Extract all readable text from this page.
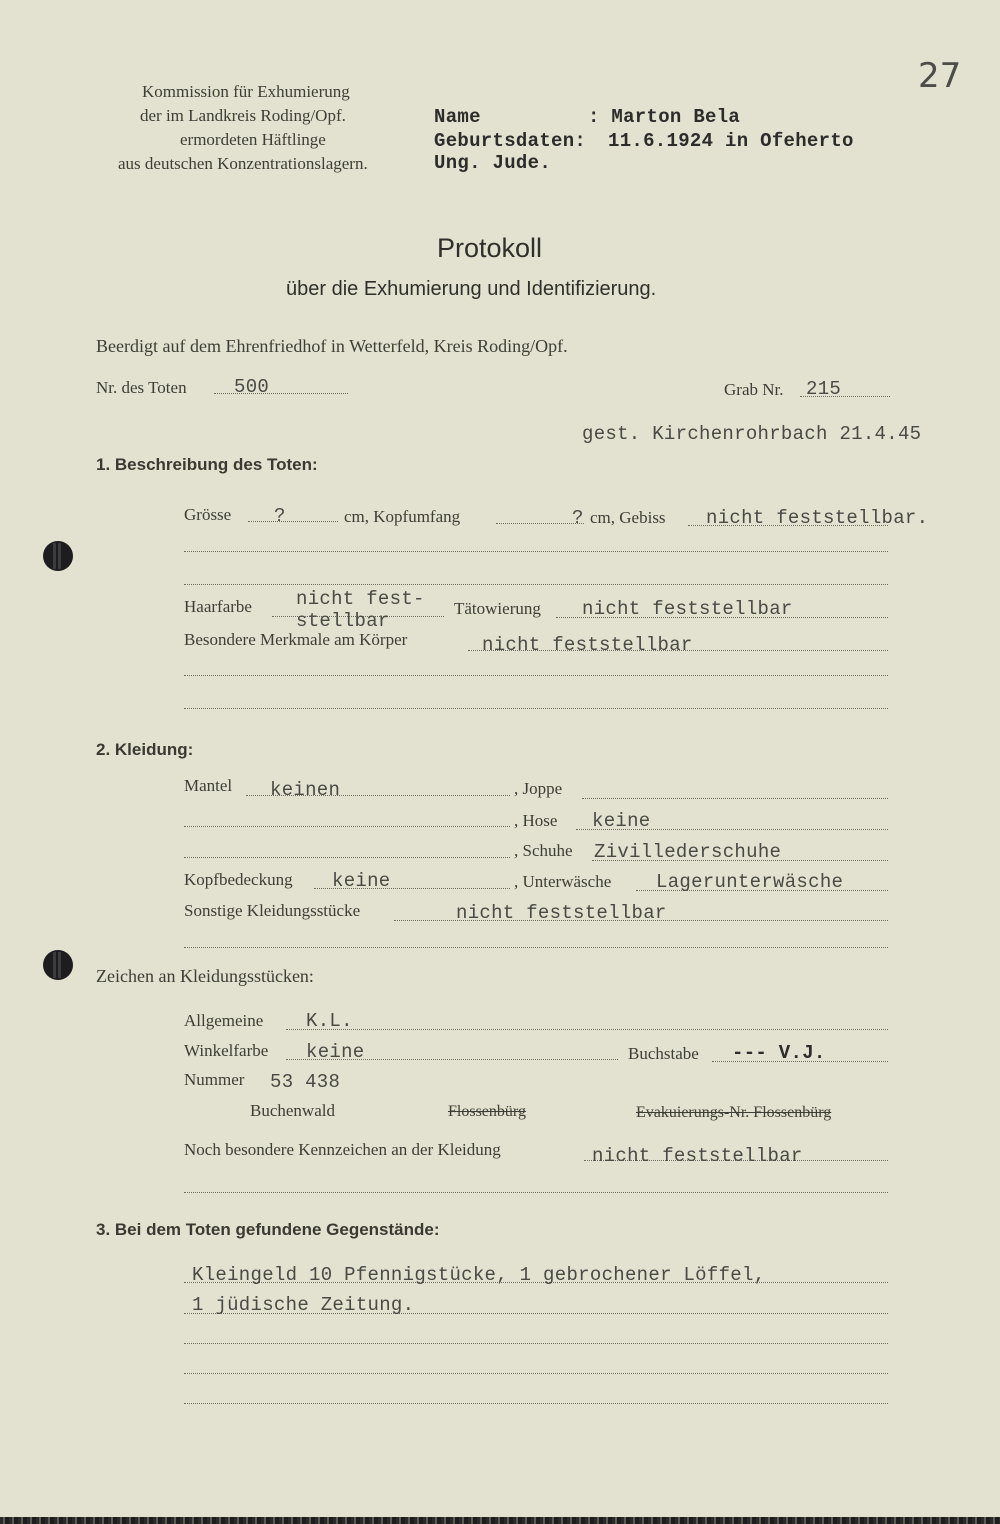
27
Kommission für Exhumierung
der im Landkreis Roding/Opf.
ermordeten Häftlinge
aus deutschen Konzentrationslagern.
Name	: Marton Bela
Geburtsdaten: 11.6.1924 in Ofeherto
Ung. Jude.
Protokoll
über die Exhumierung und Identifizierung.
Beerdigt auf dem Ehrenfriedhof in Wetterfeld, Kreis Roding/Opf.
Nr. des Toten 500	Grab Nr. 215
gest. Kirchenrohrbach 21.4.45
1. Beschreibung des Toten:
Grösse ?	cm, Kopfumfang	? cm, Gebiss nicht feststellbar.
Haarfarbe nicht fest-
stellbar
Tätowierung nicht feststellbar
Besondere Merkmale am Körper	nicht feststellbar
2. Kleidung:
Mantel keinen	, Joppe
, Hose keine
, Schuhe Zivillederschuhe
Kopfbedeckung keine	, Unterwäsche Lagerunterwäsche
Sonstige Kleidungsstücke	nicht feststellbar
Zeichen an Kleidungsstücken:
Allgemeine K.L.
Winkelfarbe keine	Buchstabe --- V.J.
Nummer 53 438
Buchenwald	Flossenbürg	Evakuierungs-Nr. Flossenbürg
Noch besondere Kennzeichen an der Kleidung	nicht feststellbar
3. Bei dem Toten gefundene Gegenstände:
Kleingeld 10 Pfennigstücke, 1 gebrochener Löffel,
1 jüdische Zeitung.
